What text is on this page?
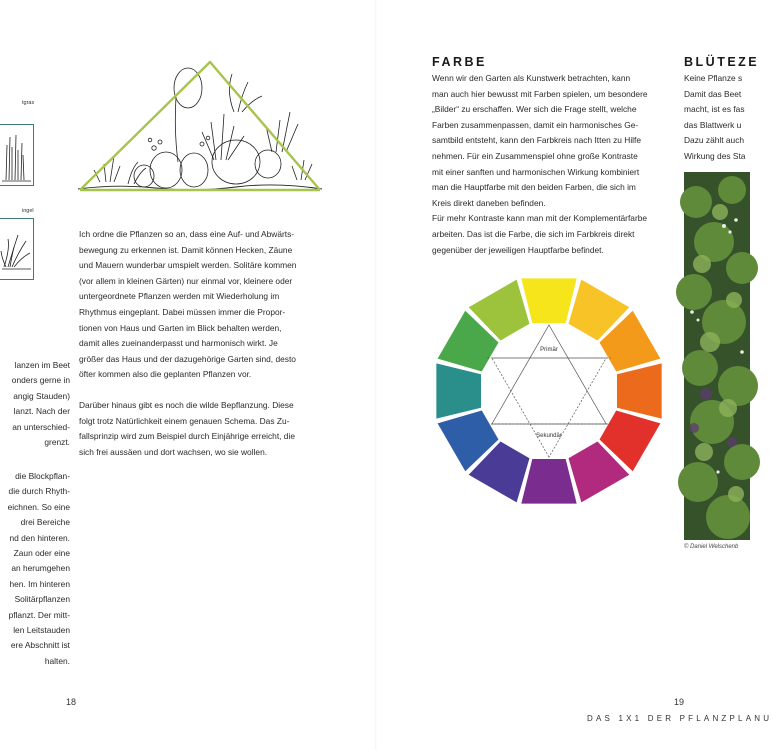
tgras
ingel
lanzen im Beet
onders gerne in
angig Stauden)
lanzt. Nach der
an unterschied-
grenzt.
die Blockpflan-
die durch Rhyth-
eichnen. So eine
drei Bereiche
nd den hinteren.
Zaun oder eine
an herumgehen
hen. Im hinteren
Solitärpflanzen
pflanzt. Der mitt-
len Leitstauden
ere Abschnitt ist
halten.

Ich ordne die Pflanzen so an, dass eine Auf- und Abwärts-
bewegung zu erkennen ist. Damit können Hecken, Zäune
und Mauern wunderbar umspielt werden. Solitäre kommen
(vor allem in kleinen Gärten) nur einmal vor, kleinere oder
untergeordnete Pflanzen werden mit Wiederholung im
Rhythmus eingeplant. Dabei müssen immer die Propor-
tionen von Haus und Garten im Blick behalten werden,
damit alles zueinanderpasst und harmonisch wirkt. Je
größer das Haus und der dazugehörige Garten sind, desto
öfter kommen also die geplanten Pflanzen vor.

Darüber hinaus gibt es noch die wilde Bepflanzung. Diese
folgt trotz Natürlichkeit einem genauen Schema. Das Zu-
fallsprinzip wird zum Beispiel durch Einjährige erreicht, die
sich frei aussäen und dort wachsen, wo sie wollen.

18
FARBE

Wenn wir den Garten als Kunstwerk betrachten, kann
man auch hier bewusst mit Farben spielen, um besondere
„Bilder“ zu erschaffen. Wer sich die Frage stellt, welche
Farben zusammenpassen, damit ein harmonisches Ge-
samtbild entsteht, kann den Farbkreis nach Itten zu Hilfe
nehmen. Für ein Zusammenspiel ohne große Kontraste
mit einer sanften und harmonischen Wirkung kombiniert
man die Hauptfarbe mit den beiden Farben, die sich im
Kreis direkt daneben befinden.

Für mehr Kontraste kann man mit der Komplementärfarbe
arbeiten. Das ist die Farbe, die sich im Farbkreis direkt
gegenüber der jeweiligen Hauptfarbe befindet.

Primär
Sekundär
19
DAS 1X1 DER PFLANZPLANU
BLÜTEZE
Keine Pflanze s
Damit das Beet
macht, ist es fas
das Blattwerk u
Dazu zählt auch
Wirkung des Sta
© Daniel Welschenb
